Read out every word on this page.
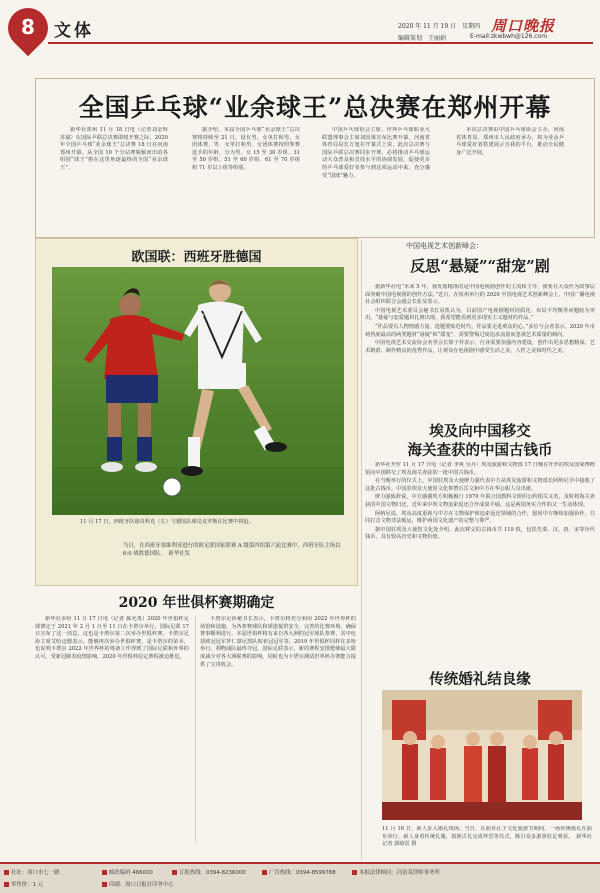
8	文体	2020 年 11 月 19 日　星期四 周口晚报
编辑策划　王丽娟	E-mail:zkwbwh@126.com
全国乒乓球“业余球王”总决赛在郑州开幕

新华社郑州 11 月 18 日电（记者刘金辉 苏斌）在国际乒联总决赛即将开赛之际，2020 年全国乒乓球“业余球王”总决赛 18 日在河南郑州开幕。从全国 10 个分站赛脱颖而出的各组别“球王”将在这里角逐最终的全国“业余球王”。

据介绍，本届全国乒乓球“业余球王”总决赛将持续至 21 日，设有男、女单打和男、女团体赛，男、女单打和男、女团体赛按照参赛选手的年龄，分为男、女 15 至 30 岁组、31 至 50 岁组、51 至 60 岁组、61 至 70 岁组和 71 岁以上组等组别。

中国乒乓球协会主席、世界乒乓球职业大联盟理事会主席刘国梁宣布比赛开幕。河南省体育局局长万旭在开幕式上说，此次总决赛与国际乒联总决赛同步开赛，必将推动乒乓球运动大众普及和竞技水平的协调发展，促使更多的乒乓球爱好者参与到这项运动中来，充分感受“国球”魅力。

本次总决赛由中国乒乓球协会主办，河南省体育局、郑州市人民政府承办，将为业余乒乓球爱好者搭建展示自我的平台，推动全民健身广泛开展。

欧国联：西班牙胜德国
11 月 17 日，西班牙队球员科克（左）与德国队球员克罗斯在比赛中拼抢。
当日，在西班牙塞维利亚进行的欧足联国家联赛 A 级第四组第六轮比赛中，西班牙队主场以 6:0 战胜德国队。　新华社发
中国电视艺术创新峰会：
反思“悬疑”“甜宠”剧

据新华社电“未来 5 年，我发愿精准的是中国电视剧创作的主流和主导，我要在大众作为故事层面突破中国电视剧的创作方法。”近日，在杭州举行的 2020 中国电视艺术创新峰会上，中国广播电视社会组织联合会副会长张显表示。

中国电视艺术委员会秘书长易凯认为，目前国产电视剧题材同质化、布局不均衡等问题较为突出。“悬疑与恋爱题材扎堆出现，我希望能看到更多现实主义题材的作品。”

“作品要有人物情感力量，选题要贴近时代，作品要走进观众的心。”多位与会者表示，2020 年市场热度最高的两类题材“悬疑”和“甜宠”，需要警惕过度追求流量而忽视艺术质量的倾向。

中国电视艺术交流协会名誉会长徐子祥表示，行业需要加强内容建设，创作出更多思想精深、艺术精湛、制作精良的优秀作品，让观众在电视剧中感受生活之美、人性之美和时代之美。

埃及向中国移交
海关查获的中国古钱币

新华社开罗 11 月 17 日电（记者 李爽 吴丹）埃及旅游和文物部 17 日晚在开罗的埃及国家博物馆向中国移交了埃及海关查获的一批中国古钱币。

在当晚举行的仪式上，中国驻埃及大使廖力强代表中方从埃及旅游和文物部长阿纳尼手中接收了这批古钱币。中国驻埃及大使馆文化参赞石岳文和中方在华公职人员出席。

廖力强致辞说，中方感谢埃方积极履行 1970 年联合国教科文组织公约相关义务，及时将海关查获的中国文物归还。近年来中埃文物追索返还合作成果丰硕，这是两国务实合作的又一生动体现。

阿纳尼说，埃及高度重视与中方在文物保护和追索返还领域的合作，愿同中方继续加强协作，共同打击文物非法贩运，维护两国文化遗产的完整与尊严。

据中国驻埃及大使馆文化处介绍，此次移交的古钱币共 119 枚，包括先秦、汉、唐、宋等历代钱币，具有较高历史和文物价值。

2020 年世俱杯赛期确定

新华社多哈 11 月 17 日电（记者 郝允勇）2020 年世俱杯足球赛定于 2021 年 2 月 1 日至 11 日在卡塔尔举行。国际足联 17 日宣布了这一消息，这也是卡塔尔第二次举办世俱杯赛。卡塔尔足协主席艾哈迈德表示，能够再次举办世俱杯赛，是卡塔尔的荣幸，也说明卡塔尔 2022 年世界杯的筹备工作得到了国际足联和外界的认可。受新冠肺炎疫情影响，2020 年世俱杯原定赛程被迫推迟。

卡塔尔足协秘书长表示，卡塔尔将充分利用 2022 年世界杯的场馆和设施，为各参赛球队和球迷提供安全、完善的比赛环境，确保赛事顺利进行。本届世俱杯将有来自各大洲的冠军球队参赛，其中包括欧冠冠军拜仁慕尼黑队和亚冠冠军等。2019 年世俱杯同样在多哈举行，利物浦队最终夺冠。国际足联表示，新的赛程安排能够最大限度减少对各大洲联赛的影响，同时也为卡塔尔测试世界杯办赛能力提供了宝贵机会。

传统婚礼结良缘
11 月 16 日，新人步入婚礼现场。当日，在曲阜孔子文化旅游节期间，一场传统婚礼在曲阜举行，新人身着传统礼服，按照古礼完成拜堂等仪式，吸引众多游客驻足观看。　新华社记者 郭绪雷 摄
社址：周口市七一路	邮政编码 466000	订报热线：0394-8236000	广告热线：0394-8599788	本报法律顾问：河南某律师事务所
零售价：1 元	印刷：周口日报社印务中心
